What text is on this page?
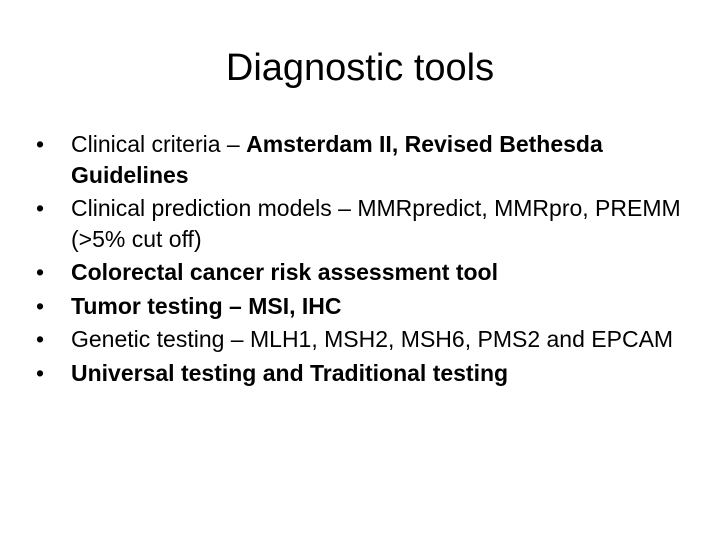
Diagnostic tools
•	Clinical criteria – Amsterdam II, Revised Bethesda Guidelines
•	Clinical prediction models – MMRpredict, MMRpro, PREMM (>5% cut off)
•	Colorectal cancer risk assessment tool
•	Tumor testing – MSI, IHC
•	Genetic testing – MLH1, MSH2, MSH6, PMS2 and EPCAM
•	Universal testing and Traditional testing
